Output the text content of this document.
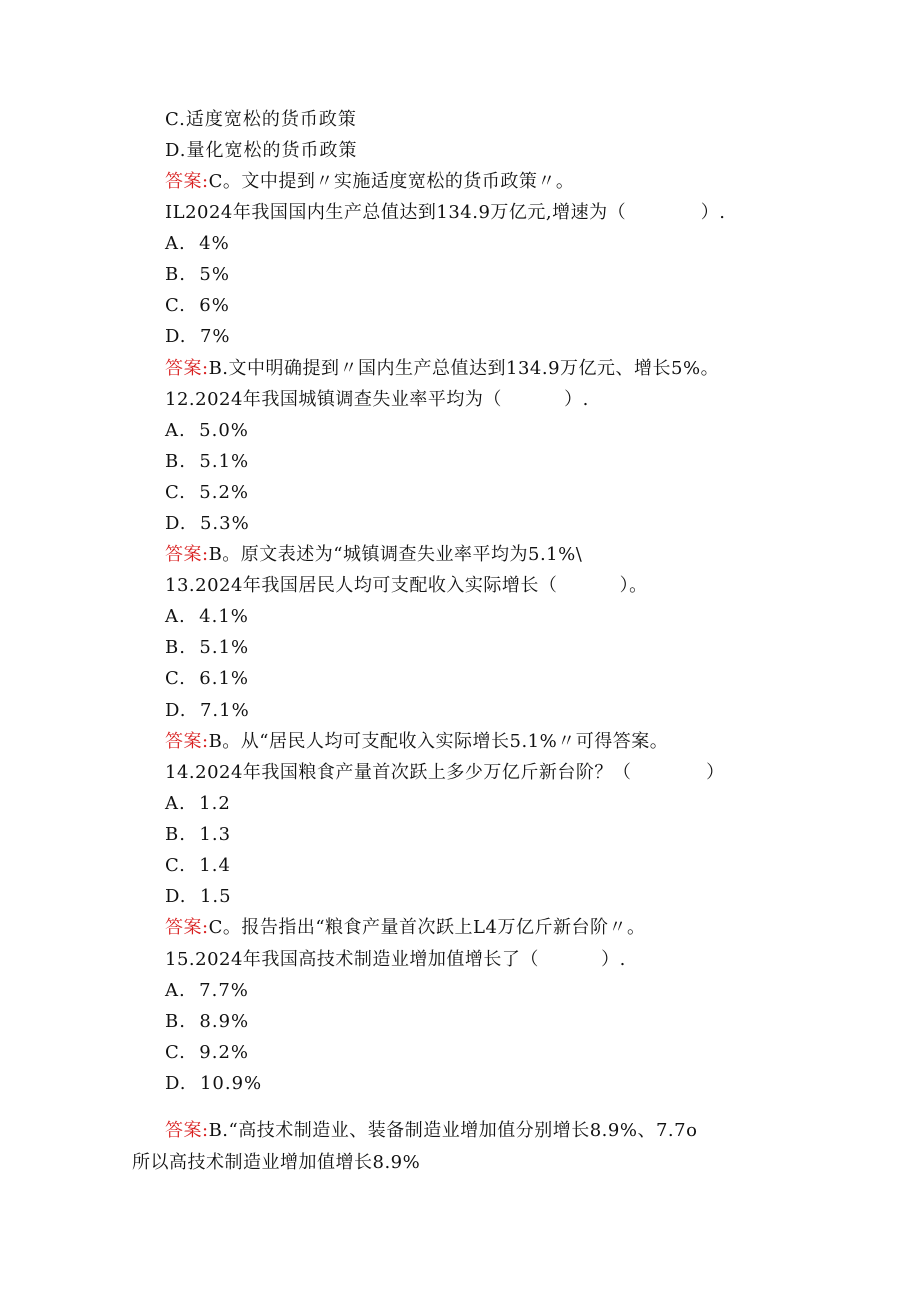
C.适度宽松的货币政策
D.量化宽松的货币政策
答案:C。文中提到〃实施适度宽松的货币政策〃。
IL2024年我国国内生产总值达到134.9万亿元,增速为（            ）.
A.  4%
B.  5%
C.  6%
D.  7%
答案:B.文中明确提到〃国内生产总值达到134.9万亿元、增长5%。
12.2024年我国城镇调查失业率平均为（          ）.
A.  5.0%
B.  5.1%
C.  5.2%
D.  5.3%
答案:B。原文表述为“城镇调查失业率平均为5.1%\
13.2024年我国居民人均可支配收入实际增长（          ）。
A.  4.1%
B.  5.1%
C.  6.1%
D.  7.1%
答案:B。从“居民人均可支配收入实际增长5.1%〃可得答案。
14.2024年我国粮食产量首次跃上多少万亿斤新台阶？（            ）
A.  1.2
B.  1.3
C.  1.4
D.  1.5
答案:C。报告指出“粮食产量首次跃上L4万亿斤新台阶〃。
15.2024年我国高技术制造业增加值增长了（          ）.
A.  7.7%
B.  8.9%
C.  9.2%
D.  10.9%
答案:B.“高技术制造业、装备制造业增加值分别增长8.9%、7.7o
所以高技术制造业增加值增长8.9%
